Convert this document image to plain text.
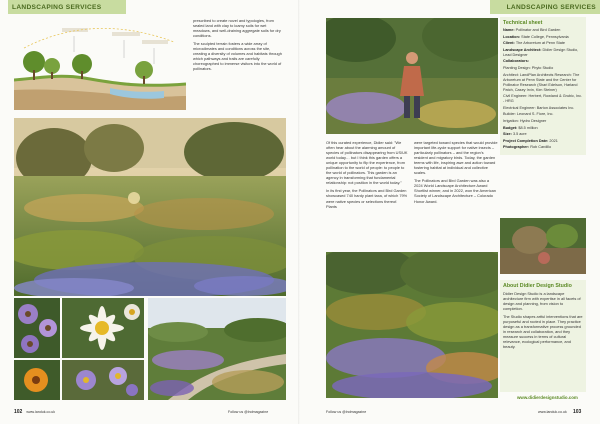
LANDSCAPING SERVICES

prescribed to create novel and typologies, from sealed land with clay to loamy soils for wet meadows, and well-draining aggregate soils for dry conditions.

The sculpted terrain fosters a wide array of microclimates and conditions across the site, creating a diversity of volumes and habitats through which pathways and trails are carefully choreographed to immerse visitors into the world of pollinators.

102 www.landuk.co.uk	Follow us @lndmagazine
LANDSCAPING SERVICES

Of this curated experience, Didier said: "We often hear about the alarming amount of species of pollinators disappearing from US/UK world today… but I think this garden offers a unique opportunity to flip the experience, from pollination to the world of people: to people to the world of pollinators. This garden is an agency in transforming that fundamental relationship: not position in the world today."

In its first year, the Pollinators and Bird Garden showcased 740 hardy plant taxa, of which 79% were native species or selections thereof. Plants

were targeted toward species that would provide important life-cycle support for native insects – particularly pollinators – and the region's resident and migratory birds. Today, the garden teems with life, inspiring awe and action toward fostering habitat at individual and collective scales.

The Pollinators and Bird Garden was also a 2024 World Landscape Architecture Award Shortlist winner, and in 2022, won the American Society of Landscape Architecture – Colorado Honor Award.

Technical sheet
Name: Pollinator and Bird Garden
Location: State College, Pennsylvania
Client: The Arboretum at Penn State
Landscape Architect: Didier Design Studio, Lead Designer
Collaborators:
Planting Design: Phyto Studio
Architect: LandPlan Architects Research: The Arboretum at Penn State and the Center for Pollinator Research (Shari Edelson, Harland Patch, Casey Irvin, Kim Steiner)
Civil Engineer: Herbert, Rowland & Grubic, Inc. - HRG
Electrical Engineer: Barton Associates Inc.
Builder: Leonard S. Fiore, Inc.
Irrigation: Hydro Designer
Budget: $8.5 million
Size: 3.5 acre
Project Completion Date: 2021
Photographer: Rob Cardillo
About Didier Design Studio

Didier Design Studio is a landscape architecture firm with expertise in all facets of design and planning, from vision to completion.

The Studio shapes artful interventions that are purposeful and rooted in place. They practice design as a transformative process grounded in research and collaboration, and they measure success in terms of cultural relevance, ecological performance, and beauty.

www.didierdesignstudio.com
Follow us @lndmagazine	www.landuk.co.uk 103
